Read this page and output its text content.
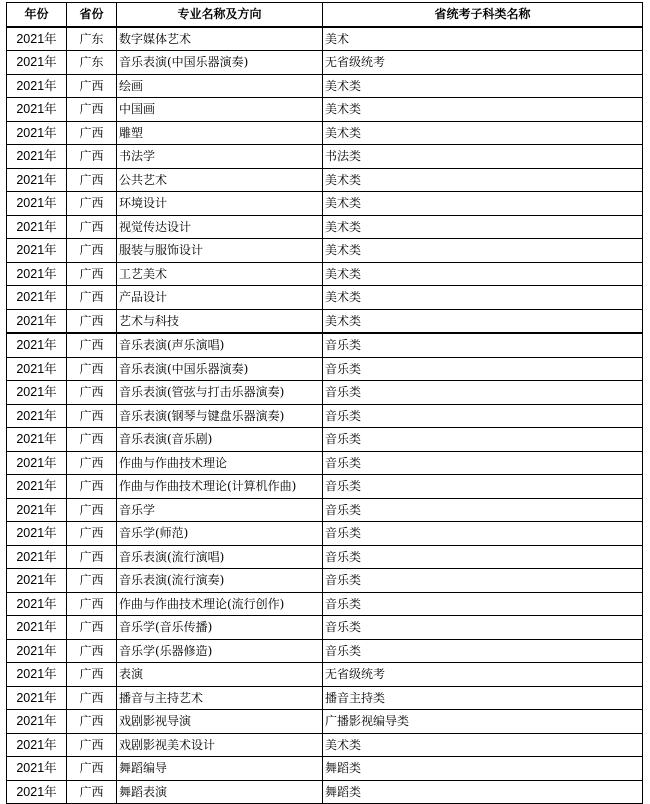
年份	省份	专业名称及方向	省统考子科类名称
2021年	广东	数字媒体艺术	美术
2021年	广东	音乐表演(中国乐器演奏)	无省级统考
2021年	广西	绘画	美术类
2021年	广西	中国画	美术类
2021年	广西	雕塑	美术类
2021年	广西	书法学	书法类
2021年	广西	公共艺术	美术类
2021年	广西	环境设计	美术类
2021年	广西	视觉传达设计	美术类
2021年	广西	服装与服饰设计	美术类
2021年	广西	工艺美术	美术类
2021年	广西	产品设计	美术类
2021年	广西	艺术与科技	美术类
2021年	广西	音乐表演(声乐演唱)	音乐类
2021年	广西	音乐表演(中国乐器演奏)	音乐类
2021年	广西	音乐表演(管弦与打击乐器演奏)	音乐类
2021年	广西	音乐表演(钢琴与键盘乐器演奏)	音乐类
2021年	广西	音乐表演(音乐剧)	音乐类
2021年	广西	作曲与作曲技术理论	音乐类
2021年	广西	作曲与作曲技术理论(计算机作曲)	音乐类
2021年	广西	音乐学	音乐类
2021年	广西	音乐学(师范)	音乐类
2021年	广西	音乐表演(流行演唱)	音乐类
2021年	广西	音乐表演(流行演奏)	音乐类
2021年	广西	作曲与作曲技术理论(流行创作)	音乐类
2021年	广西	音乐学(音乐传播)	音乐类
2021年	广西	音乐学(乐器修造)	音乐类
2021年	广西	表演	无省级统考
2021年	广西	播音与主持艺术	播音主持类
2021年	广西	戏剧影视导演	广播影视编导类
2021年	广西	戏剧影视美术设计	美术类
2021年	广西	舞蹈编导	舞蹈类
2021年	广西	舞蹈表演	舞蹈类
